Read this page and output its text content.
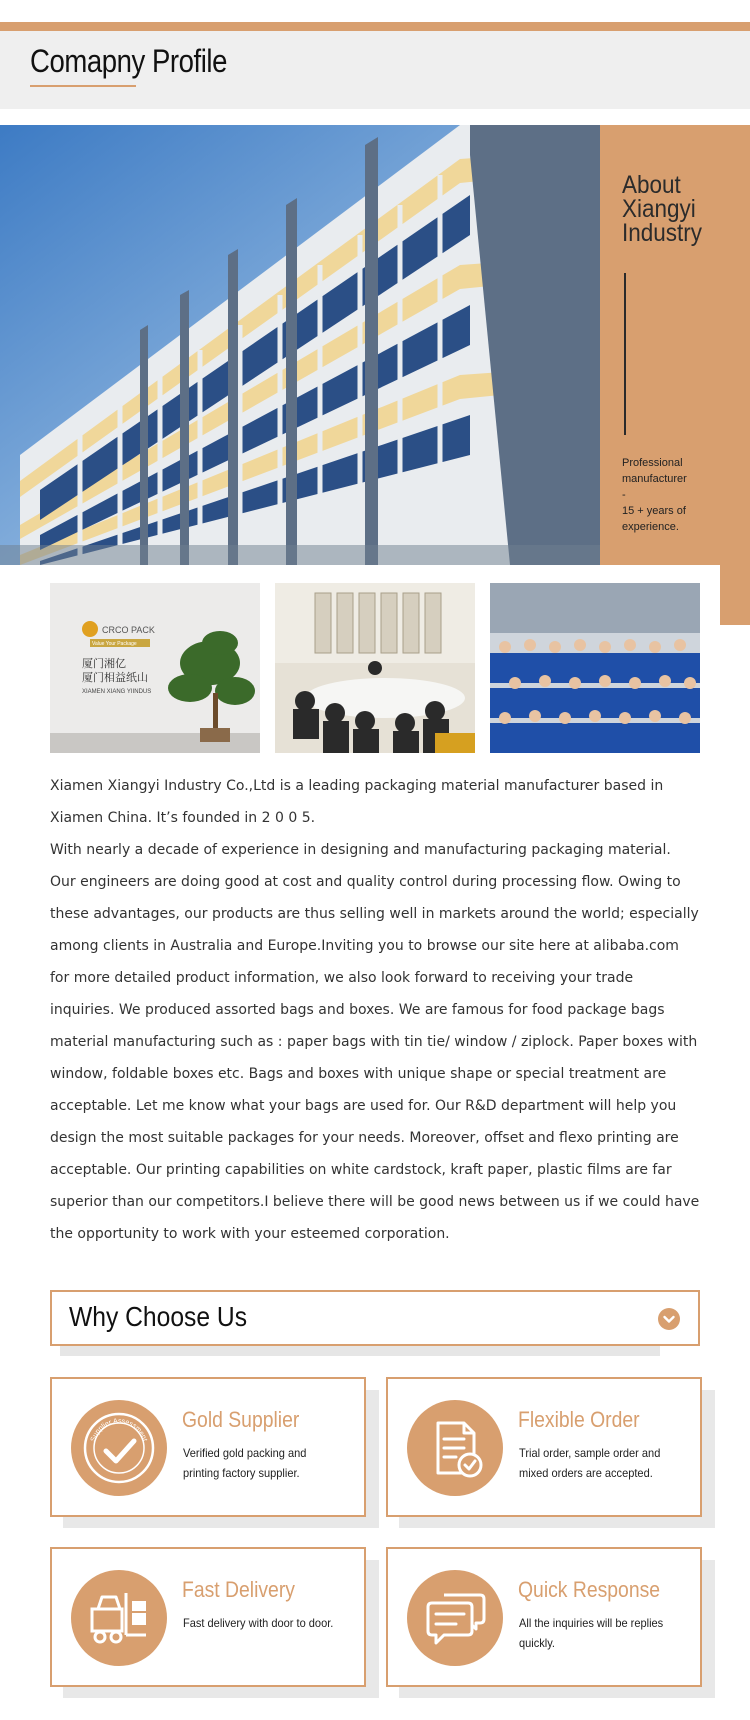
Comapny Profile
About Xiangyi Industry
Professional
manufacturer
-
15 + years of
experience.
CRCO PACK
Value Your Package
厦门湘亿
厦门相益纸山
XIAMEN XIANG YIINDUS

Xiamen Xiangyi Industry Co.,Ltd is a leading packaging material manufacturer based in Xiamen China. It’s founded in 2 0 0 5.

With nearly a decade of experience in designing and manufacturing packaging material. Our engineers are doing good at cost and quality control during processing flow. Owing to these advantages, our products are thus selling well in markets around the world; especially among clients in Australia and Europe.Inviting you to browse our site here at alibaba.com for more detailed product information, we also look forward to receiving your trade inquiries. We produced assorted bags and boxes. We are famous for food package bags material manufacturing such as : paper bags with tin tie/ window / ziplock. Paper boxes with window, foldable boxes etc. Bags and boxes with unique shape or special treatment are acceptable. Let me know what your bags are used for. Our R&D department will help you design the most suitable packages for your needs. Moreover, offset and flexo printing are acceptable. Our printing capabilities on white cardstock, kraft paper, plastic films are far superior than our competitors.I believe there will be good news between us if we could have the opportunity to work with your esteemed corporation.

Why Choose Us
Supplier Assessment
Gold Supplier
Verified gold packing and printing factory supplier.
Flexible Order
Trial order, sample order and mixed orders are accepted.
Fast Delivery
Fast delivery with door to door.
Quick Response
All the inquiries will be replies quickly.
